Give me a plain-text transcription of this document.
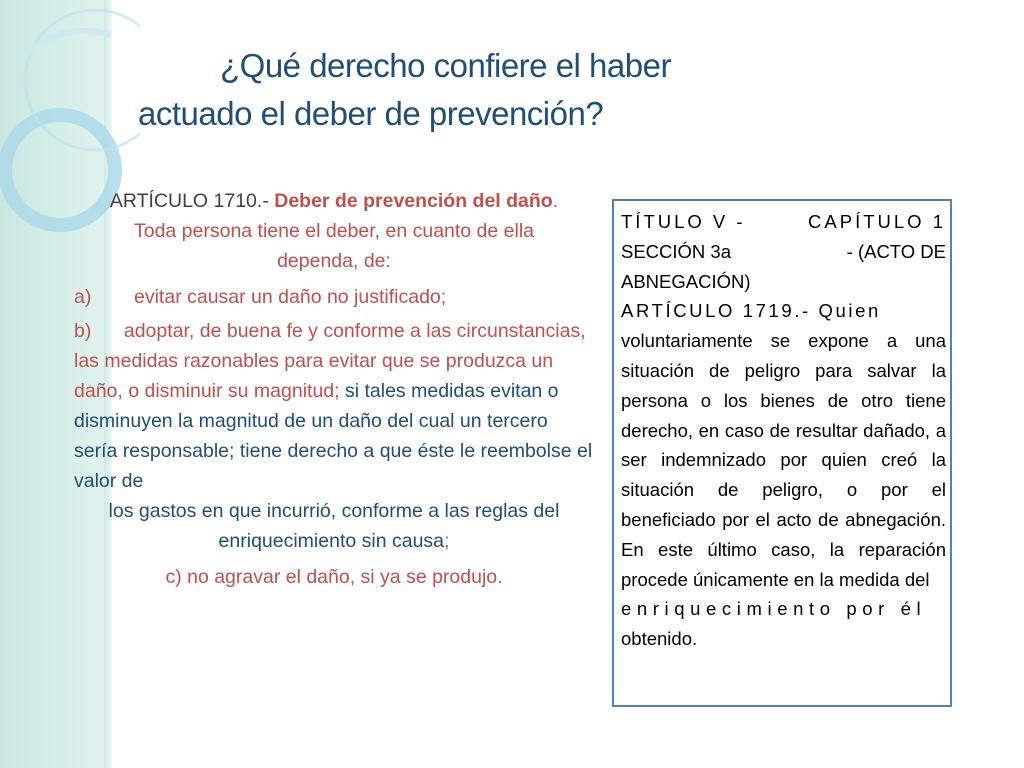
¿Qué derecho confiere el haber
actuado el deber de prevención?

ARTÍCULO 1710.- Deber de prevención del daño.

Toda persona tiene el deber, en cuanto de ella dependa, de:

a) evitar causar un daño no justificado;

b)      adoptar, de buena fe y conforme a las circunstancias, las medidas razonables para evitar que se produzca un daño, o disminuir su magnitud; si tales medidas evitan o disminuyen la magnitud de un daño del cual un tercero sería responsable; tiene derecho a que éste le reembolse el valor de

los gastos en que incurrió, conforme a las reglas del enriquecimiento sin causa;

c) no agravar el daño, si ya se produjo.

TÍTULO V -	CAPÍTULO 1
SECCIÓN 3a	- (ACTO DE

ABNEGACIÓN)

ARTÍCULO 1719.- Quien

voluntariamente se expone a una situación de peligro para salvar la persona o los bienes de otro tiene derecho, en caso de resultar dañado, a ser indemnizado por quien creó la situación de peligro, o por el beneficiado por el acto de abnegación. En este último caso, la reparación procede únicamente en la medida del

enriquecimiento por él

obtenido.
